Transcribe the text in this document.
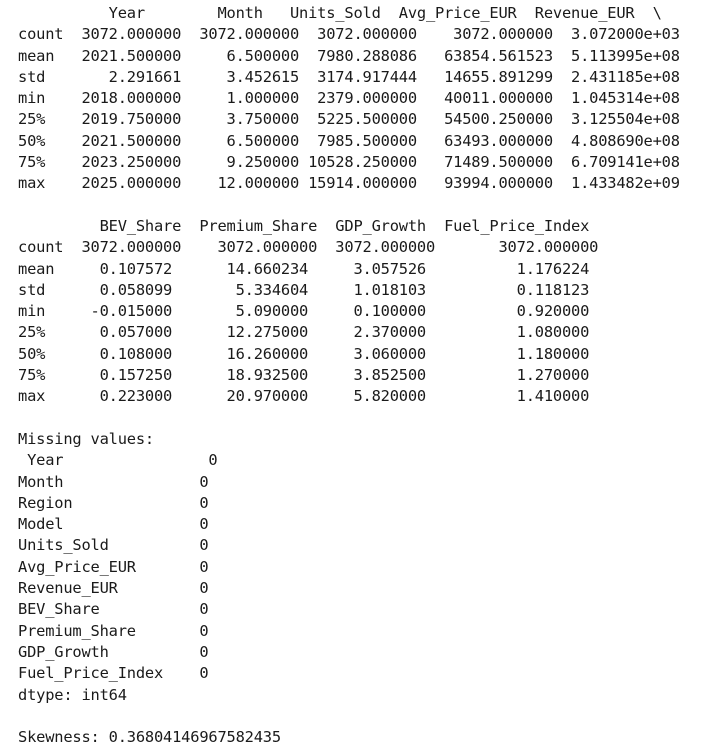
Year        Month   Units_Sold  Avg_Price_EUR  Revenue_EUR  \
count  3072.000000  3072.000000  3072.000000    3072.000000  3.072000e+03
mean   2021.500000     6.500000  7980.288086   63854.561523  5.113995e+08
std       2.291661     3.452615  3174.917444   14655.891299  2.431185e+08
min    2018.000000     1.000000  2379.000000   40011.000000  1.045314e+08
25%    2019.750000     3.750000  5225.500000   54500.250000  3.125504e+08
50%    2021.500000     6.500000  7985.500000   63493.000000  4.808690e+08
75%    2023.250000     9.250000 10528.250000   71489.500000  6.709141e+08
max    2025.000000    12.000000 15914.000000   93994.000000  1.433482e+09

BEV_Share  Premium_Share  GDP_Growth  Fuel_Price_Index
count  3072.000000    3072.000000  3072.000000       3072.000000
mean     0.107572      14.660234     3.057526          1.176224
std      0.058099       5.334604     1.018103          0.118123
min     -0.015000       5.090000     0.100000          0.920000
25%      0.057000      12.275000     2.370000          1.080000
50%      0.108000      16.260000     3.060000          1.180000
75%      0.157250      18.932500     3.852500          1.270000
max      0.223000      20.970000     5.820000          1.410000

Missing values:
Year                0
Month               0
Region              0
Model               0
Units_Sold          0
Avg_Price_EUR       0
Revenue_EUR         0
BEV_Share           0
Premium_Share       0
GDP_Growth          0
Fuel_Price_Index    0
dtype: int64

Skewness: 0.36804146967582435
